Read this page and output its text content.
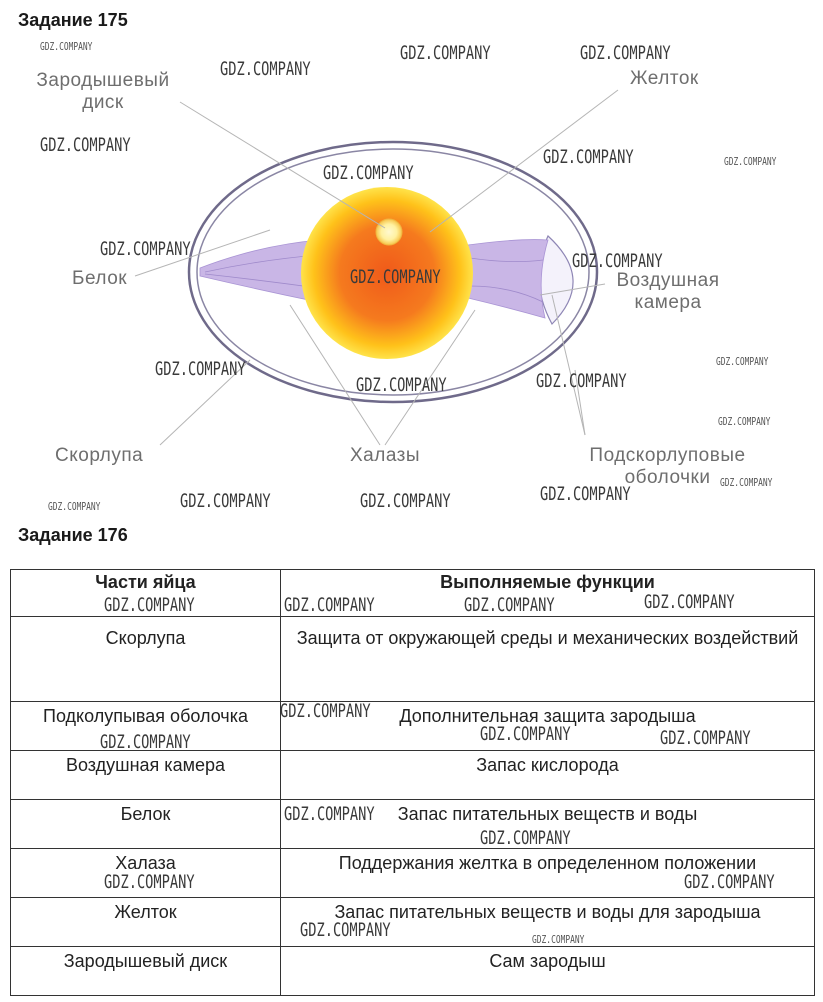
Задание 175
Зародышевый
диск
Желток
Белок	Воздушная
камера
Скорлупа	Халазы	Подскорлуповые
оболочки
Задание 176
Части яйца	Выполняемые функции
Скорлупа	Защита от окружающей среды и механических воздействий
Подколупывая оболочка	Дополнительная защита зародыша
Воздушная камера	Запас кислорода
Белок	Запас питательных веществ и воды
Халаза	Поддержания желтка в определенном положении
Желток	Запас питательных веществ и воды для зародыша
Зародышевый диск	Сам зародыш
GDZ.COMPANY
GDZ.COMPANY
GDZ.COMPANY	GDZ.COMPANY
GDZ.COMPANY
GDZ.COMPANY	GDZ.COMPANY
GDZ.COMPANY
GDZ.COMPANY
GDZ.COMPANY
GDZ.COMPANY
GDZ.COMPANY
GDZ.COMPANY
GDZ.COMPANY	GDZ.COMPANY
GDZ.COMPANY
GDZ.COMPANY
GDZ.COMPANY
GDZ.COMPANY	GDZ.COMPANY	GDZ.COMPANY
GDZ.COMPANY	GDZ.COMPANY	GDZ.COMPANY	GDZ.COMPANY
GDZ.COMPANY
GDZ.COMPANY	GDZ.COMPANY	GDZ.COMPANY
GDZ.COMPANY
GDZ.COMPANY
GDZ.COMPANY	GDZ.COMPANY
GDZ.COMPANY	GDZ.COMPANY
